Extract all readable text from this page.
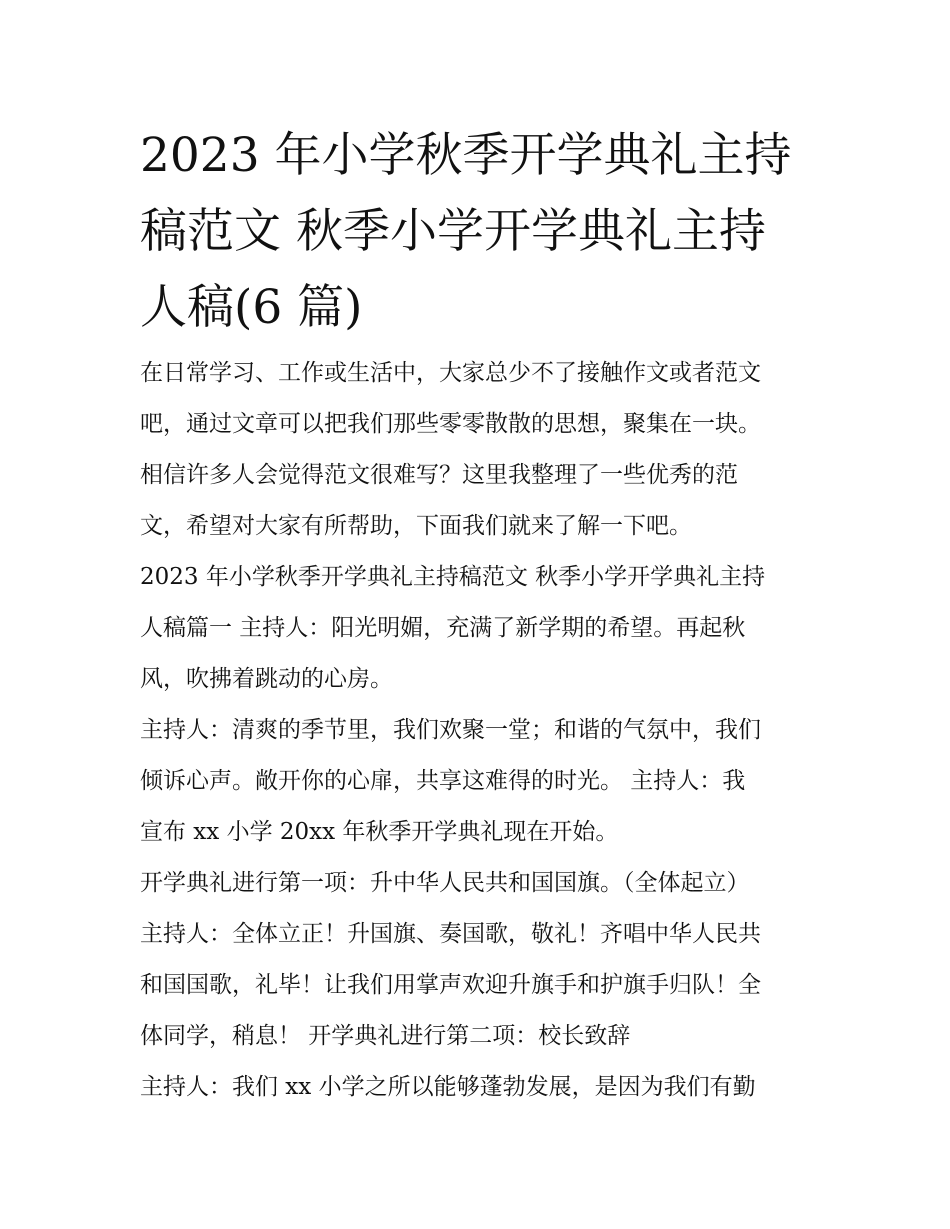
2023 年小学秋季开学典礼主持
稿范文 秋季小学开学典礼主持
人稿(6 篇)
在日常学习、工作或生活中，大家总少不了接触作文或者范文
吧，通过文章可以把我们那些零零散散的思想，聚集在一块。
相信许多人会觉得范文很难写？这里我整理了一些优秀的范
文，希望对大家有所帮助，下面我们就来了解一下吧。
2023 年小学秋季开学典礼主持稿范文 秋季小学开学典礼主持
人稿篇一 主持人：阳光明媚，充满了新学期的希望。再起秋
风，吹拂着跳动的心房。
主持人：清爽的季节里，我们欢聚一堂；和谐的气氛中，我们
倾诉心声。敞开你的心扉，共享这难得的时光。 主持人：我
宣布 xx 小学 20xx 年秋季开学典礼现在开始。
开学典礼进行第一项：升中华人民共和国国旗。（全体起立）
主持人：全体立正！升国旗、奏国歌，敬礼！齐唱中华人民共
和国国歌，礼毕！让我们用掌声欢迎升旗手和护旗手归队！全
体同学，稍息！ 开学典礼进行第二项：校长致辞
主持人：我们 xx 小学之所以能够蓬勃发展，是因为我们有勤
